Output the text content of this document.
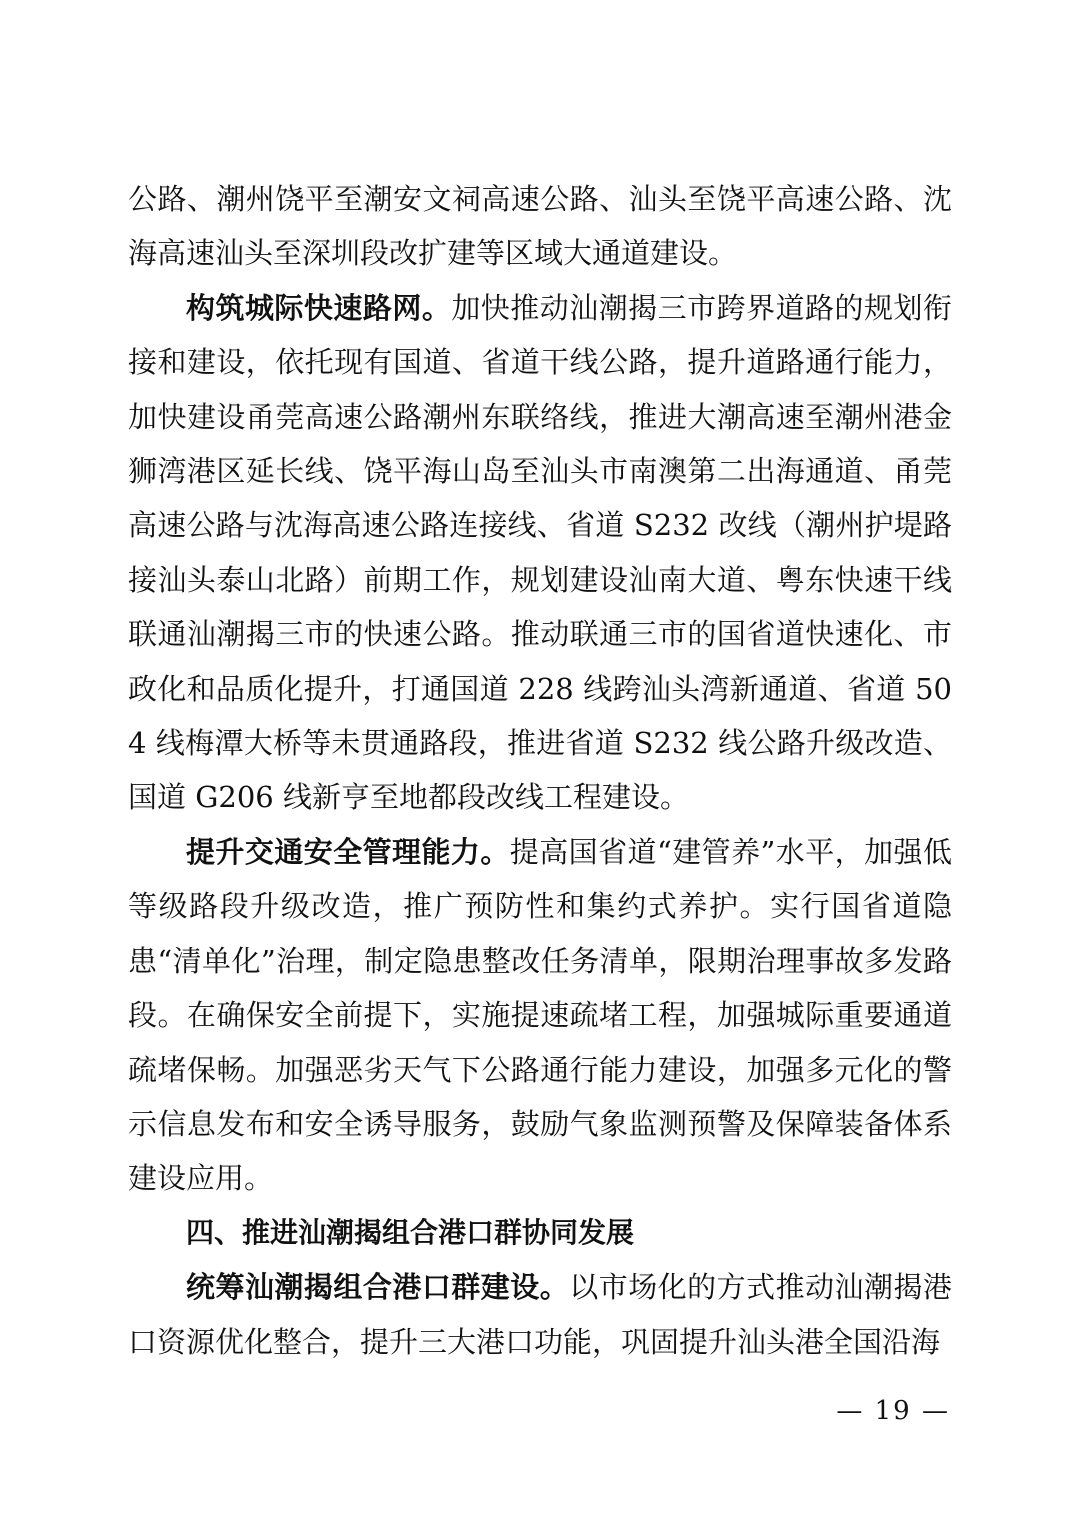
公路、潮州饶平至潮安文祠高速公路、汕头至饶平高速公路、沈海高速汕头至深圳段改扩建等区域大通道建设。

构筑城际快速路网。加快推动汕潮揭三市跨界道路的规划衔接和建设，依托现有国道、省道干线公路，提升道路通行能力，加快建设甬莞高速公路潮州东联络线，推进大潮高速至潮州港金狮湾港区延长线、饶平海山岛至汕头市南澳第二出海通道、甬莞高速公路与沈海高速公路连接线、省道 S232 改线（潮州护堤路接汕头泰山北路）前期工作，规划建设汕南大道、粤东快速干线联通汕潮揭三市的快速公路。推动联通三市的国省道快速化、市政化和品质化提升，打通国道 228 线跨汕头湾新通道、省道 504 线梅潭大桥等未贯通路段，推进省道 S232 线公路升级改造、国道 G206 线新亨至地都段改线工程建设。

提升交通安全管理能力。提高国省道“建管养”水平，加强低等级路段升级改造，推广预防性和集约式养护。实行国省道隐患“清单化”治理，制定隐患整改任务清单，限期治理事故多发路段。在确保安全前提下，实施提速疏堵工程，加强城际重要通道疏堵保畅。加强恶劣天气下公路通行能力建设，加强多元化的警示信息发布和安全诱导服务，鼓励气象监测预警及保障装备体系建设应用。

四、推进汕潮揭组合港口群协同发展

统筹汕潮揭组合港口群建设。以市场化的方式推动汕潮揭港口资源优化整合，提升三大港口功能，巩固提升汕头港全国沿海

— 19 —
